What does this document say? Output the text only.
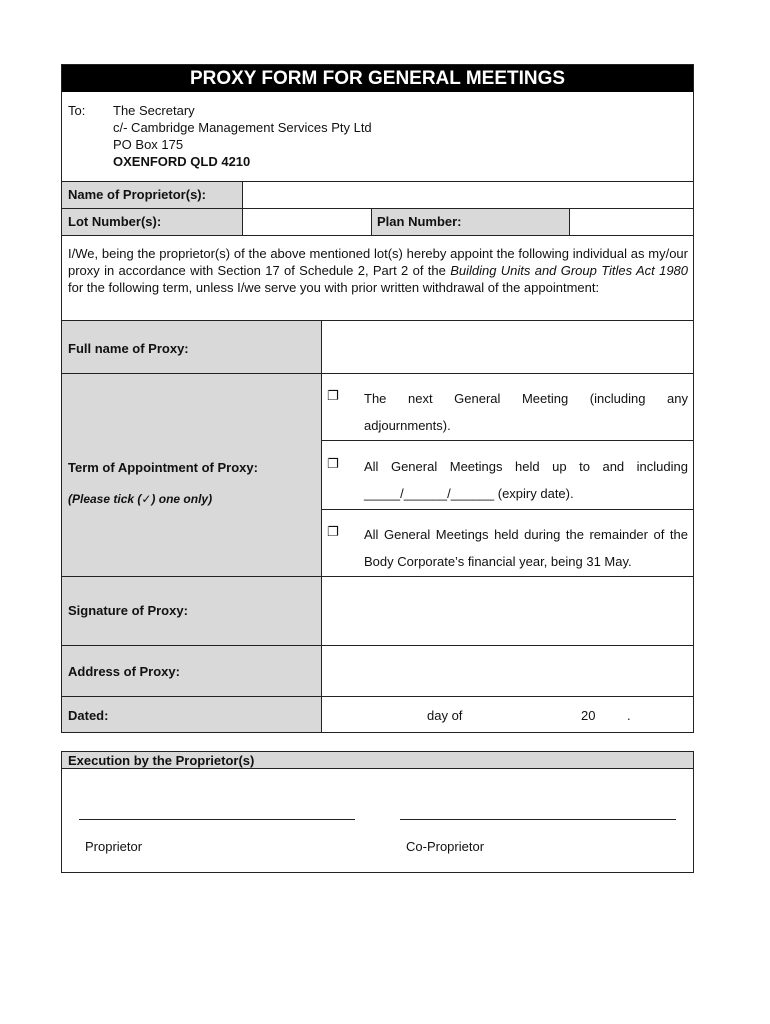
PROXY FORM FOR GENERAL MEETINGS
To: The Secretary
c/- Cambridge Management Services Pty Ltd
PO Box 175
OXENFORD QLD 4210
Name of Proprietor(s):
Lot Number(s):	Plan Number:
I/We, being the proprietor(s) of the above mentioned lot(s) hereby appoint the following individual as my/our proxy in accordance with Section 17 of Schedule 2, Part 2 of the Building Units and Group Titles Act 1980 for the following term, unless I/we serve you with prior written withdrawal of the appointment:
Full name of Proxy:
Term of Appointment of Proxy:
(Please tick (✓) one only)
❐ The next General Meeting (including any adjournments).
❐ All General Meetings held up to and including _____/______/______ (expiry date).
❐ All General Meetings held during the remainder of the Body Corporate’s financial year, being 31 May.
Signature of Proxy:
Address of Proxy:
Dated:	day of	20 .
Execution by the Proprietor(s)
Proprietor	Co-Proprietor
